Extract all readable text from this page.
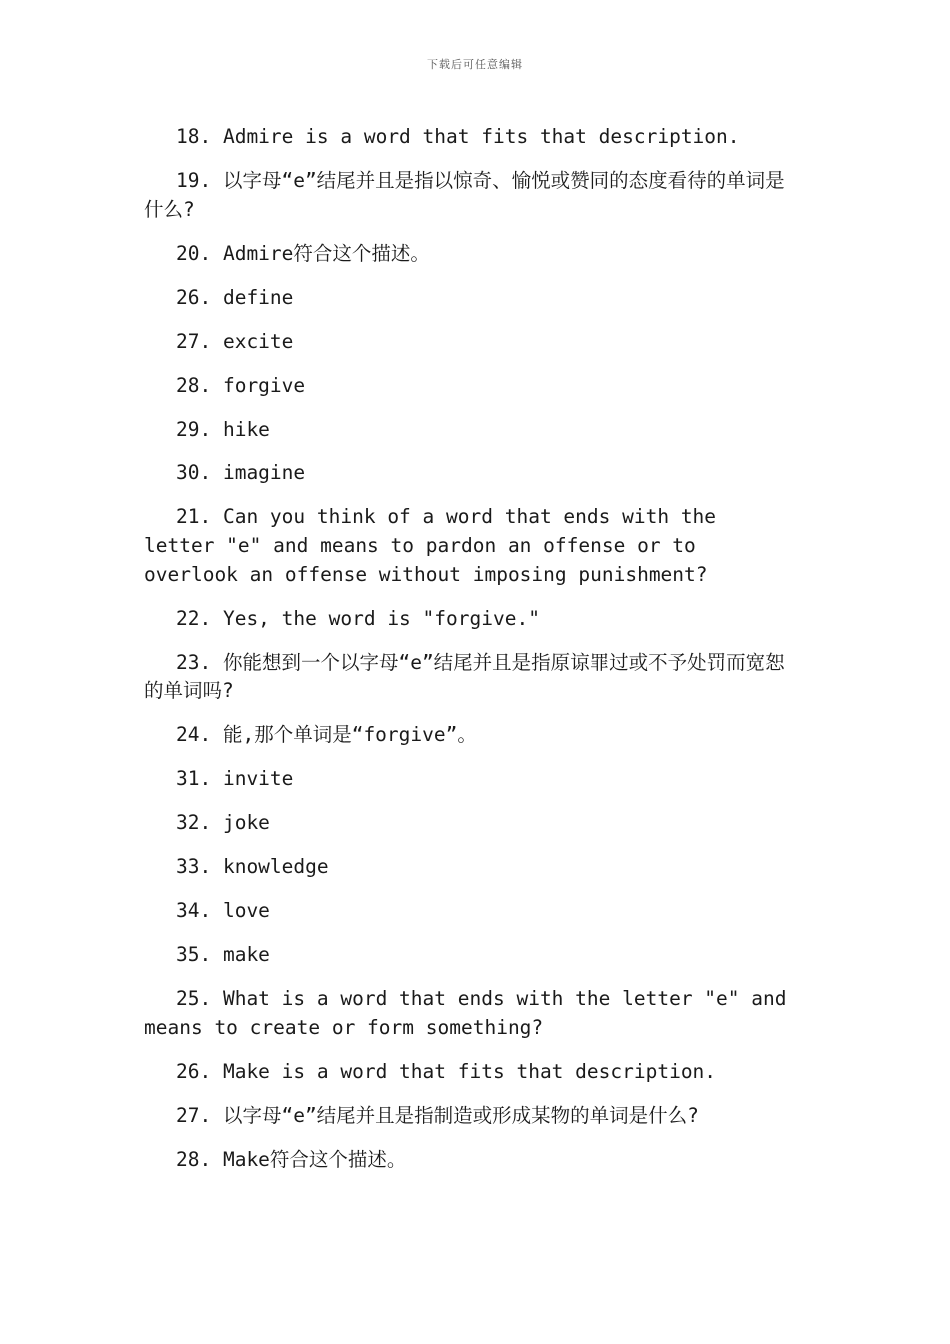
下载后可任意编辑

18. Admire is a word that fits that description.

19. 以字母“e”结尾并且是指以惊奇、愉悦或赞同的态度看待的单词是什么?

20. Admire符合这个描述。

26. define

27. excite

28. forgive

29. hike

30. imagine

21. Can you think of a word that ends with the letter "e" and means to pardon an offense or to overlook an offense without imposing punishment?

22. Yes, the word is "forgive."

23. 你能想到一个以字母“e”结尾并且是指原谅罪过或不予处罚而宽恕的单词吗?

24. 能,那个单词是“forgive”。

31. invite

32. joke

33. knowledge

34. love

35. make

25. What is a word that ends with the letter "e" and means to create or form something?

26. Make is a word that fits that description.

27. 以字母“e”结尾并且是指制造或形成某物的单词是什么?

28. Make符合这个描述。
